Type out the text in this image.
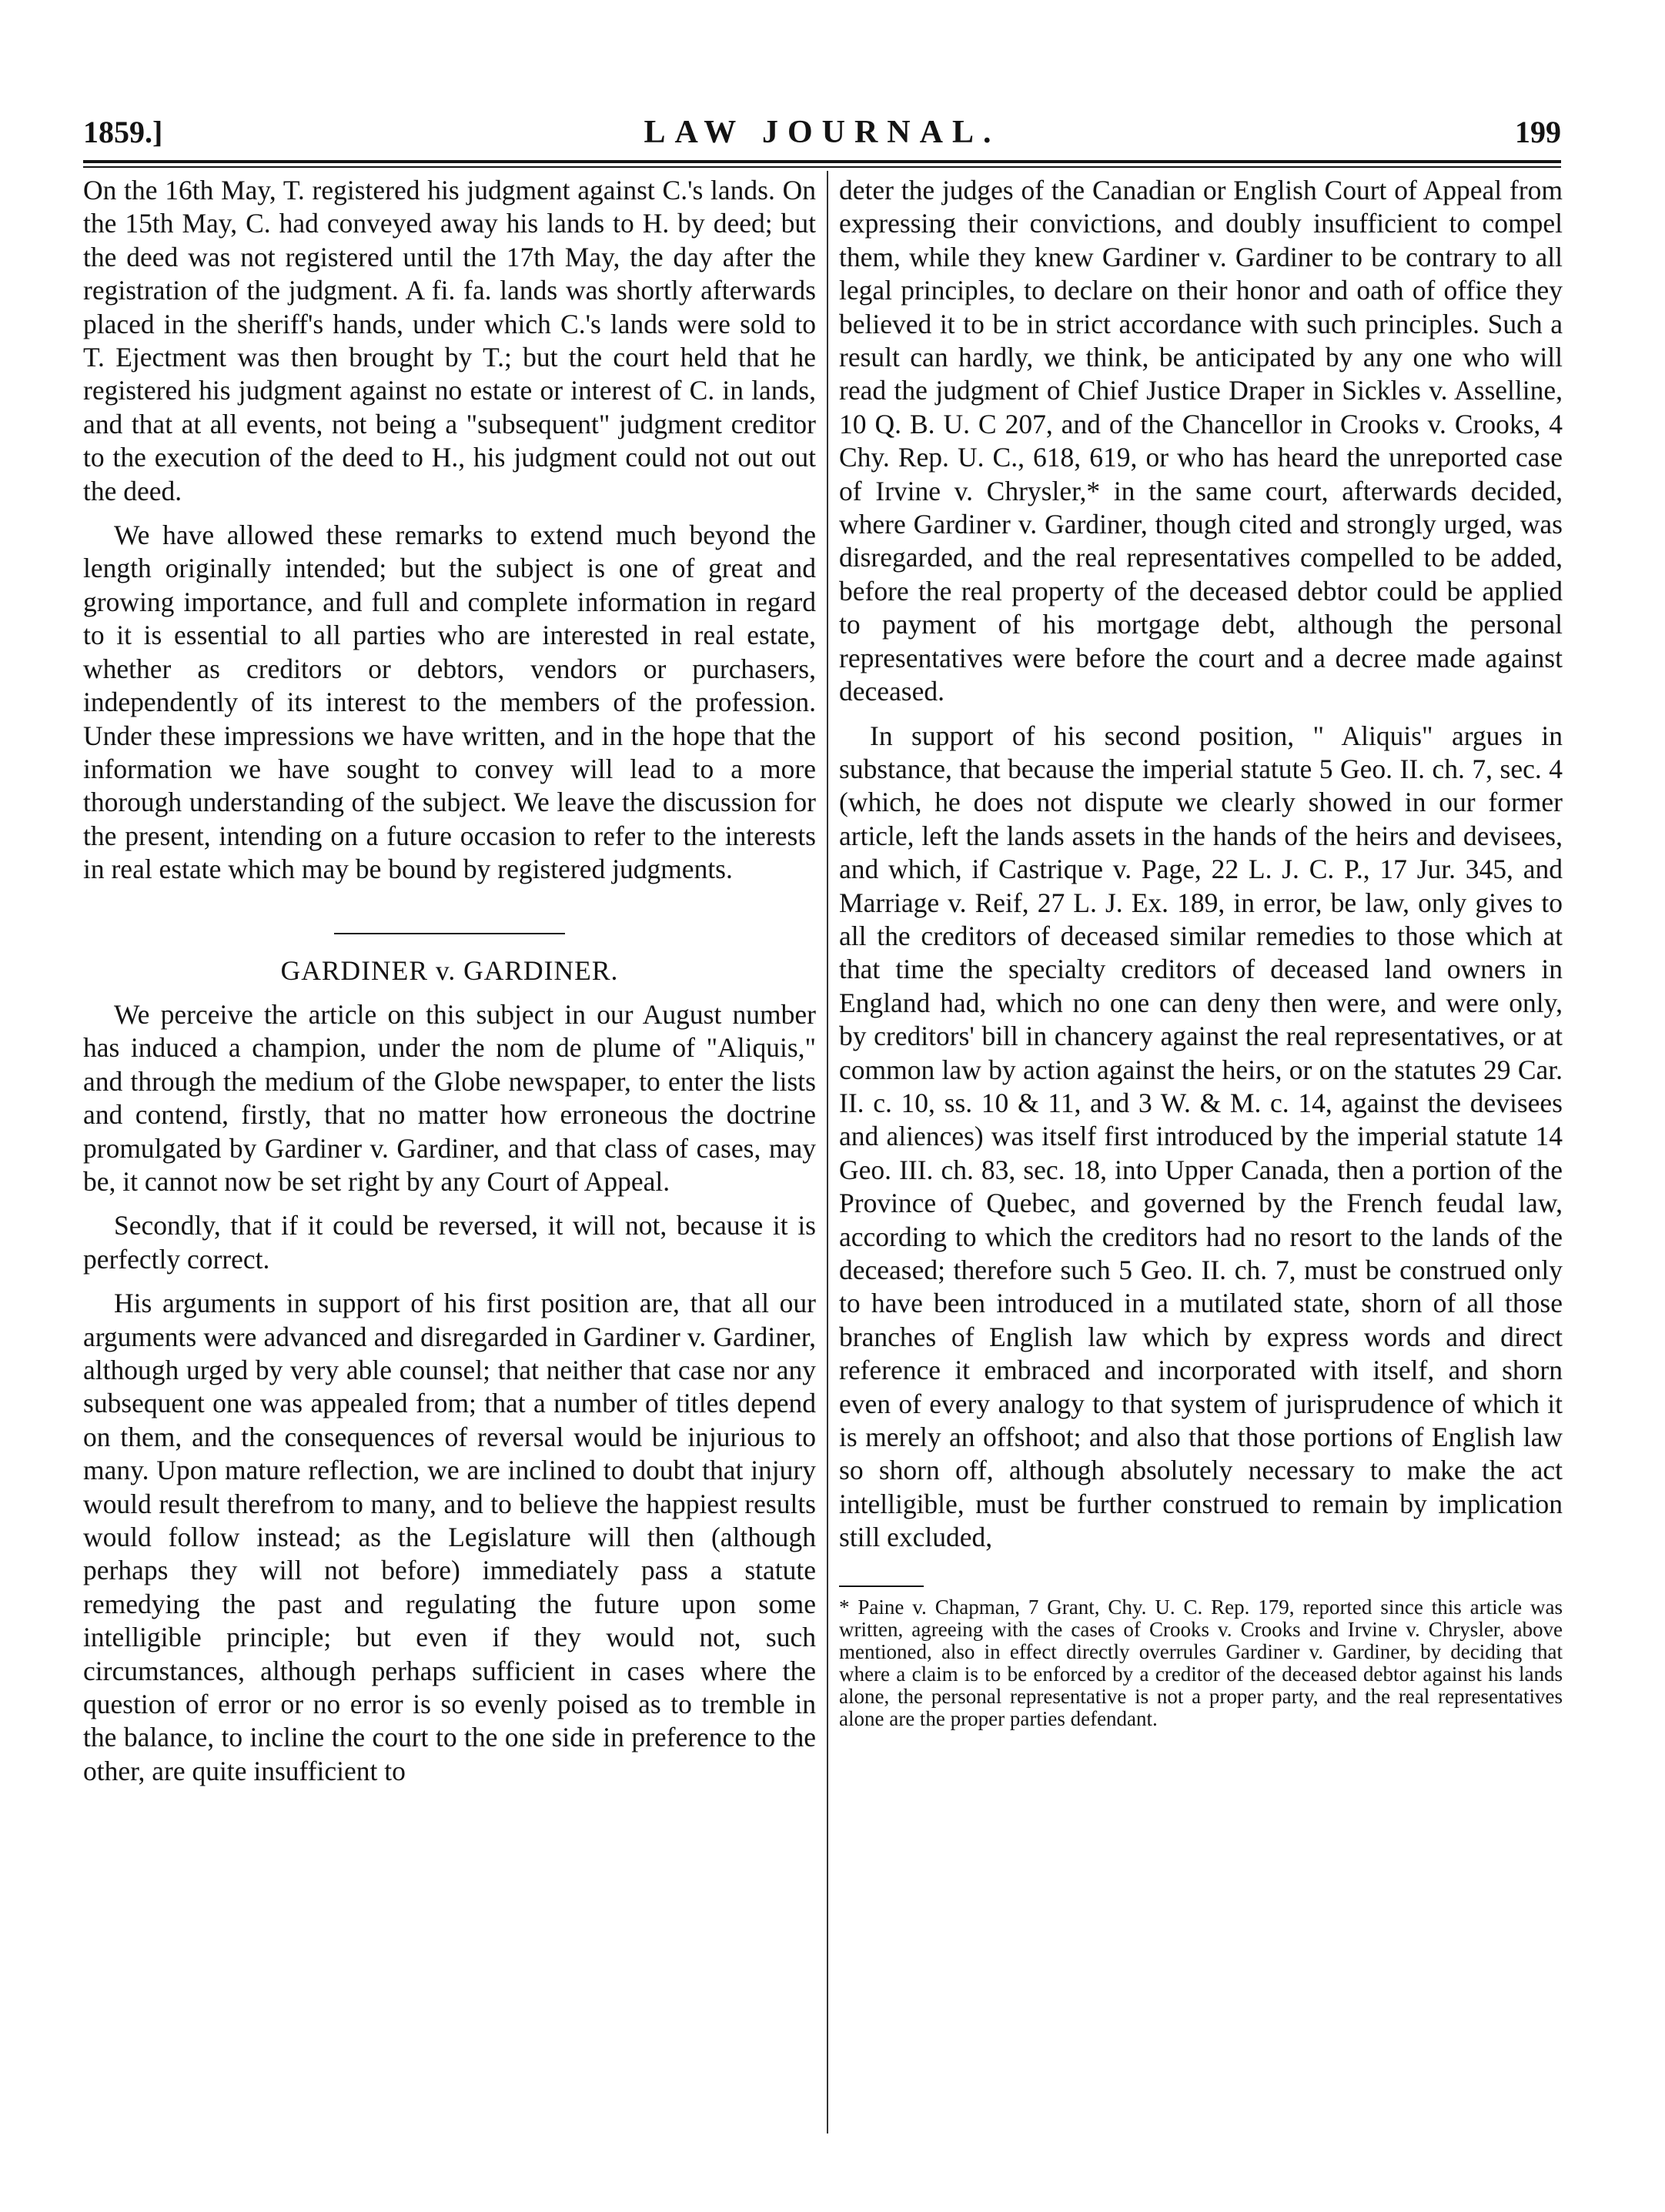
1859.]	LAW JOURNAL.	199

On the 16th May, T. registered his judgment against C.'s lands. On the 15th May, C. had conveyed away his lands to H. by deed; but the deed was not registered until the 17th May, the day after the registration of the judgment. A fi. fa. lands was shortly afterwards placed in the sheriff's hands, under which C.'s lands were sold to T. Ejectment was then brought by T.; but the court held that he registered his judgment against no estate or interest of C. in lands, and that at all events, not being a "subsequent" judgment creditor to the execution of the deed to H., his judgment could not out out the deed.

We have allowed these remarks to extend much beyond the length originally intended; but the subject is one of great and growing importance, and full and complete information in regard to it is essential to all parties who are interested in real estate, whether as creditors or debtors, vendors or purchasers, independently of its interest to the members of the profession. Under these impressions we have written, and in the hope that the information we have sought to convey will lead to a more thorough understanding of the subject. We leave the discussion for the present, intending on a future occasion to refer to the interests in real estate which may be bound by registered judgments.

GARDINER v. GARDINER.

We perceive the article on this subject in our August number has induced a champion, under the nom de plume of "Aliquis," and through the medium of the Globe newspaper, to enter the lists and contend, firstly, that no matter how erroneous the doctrine promulgated by Gardiner v. Gardiner, and that class of cases, may be, it cannot now be set right by any Court of Appeal.

Secondly, that if it could be reversed, it will not, because it is perfectly correct.

His arguments in support of his first position are, that all our arguments were advanced and disregarded in Gardiner v. Gardiner, although urged by very able counsel; that neither that case nor any subsequent one was appealed from; that a number of titles depend on them, and the consequences of reversal would be injurious to many. Upon mature reflection, we are inclined to doubt that injury would result therefrom to many, and to believe the happiest results would follow instead; as the Legislature will then (although perhaps they will not before) immediately pass a statute remedying the past and regulating the future upon some intelligible principle; but even if they would not, such circumstances, although perhaps sufficient in cases where the question of error or no error is so evenly poised as to tremble in the balance, to incline the court to the one side in preference to the other, are quite insufficient to

deter the judges of the Canadian or English Court of Appeal from expressing their convictions, and doubly insufficient to compel them, while they knew Gardiner v. Gardiner to be contrary to all legal principles, to declare on their honor and oath of office they believed it to be in strict accordance with such principles. Such a result can hardly, we think, be anticipated by any one who will read the judgment of Chief Justice Draper in Sickles v. Asselline, 10 Q. B. U. C 207, and of the Chancellor in Crooks v. Crooks, 4 Chy. Rep. U. C., 618, 619, or who has heard the unreported case of Irvine v. Chrysler,* in the same court, afterwards decided, where Gardiner v. Gardiner, though cited and strongly urged, was disregarded, and the real representatives compelled to be added, before the real property of the deceased debtor could be applied to payment of his mortgage debt, although the personal representatives were before the court and a decree made against deceased.

In support of his second position, " Aliquis" argues in substance, that because the imperial statute 5 Geo. II. ch. 7, sec. 4 (which, he does not dispute we clearly showed in our former article, left the lands assets in the hands of the heirs and devisees, and which, if Castrique v. Page, 22 L. J. C. P., 17 Jur. 345, and Marriage v. Reif, 27 L. J. Ex. 189, in error, be law, only gives to all the creditors of deceased similar remedies to those which at that time the specialty creditors of deceased land owners in England had, which no one can deny then were, and were only, by creditors' bill in chancery against the real representatives, or at common law by action against the heirs, or on the statutes 29 Car. II. c. 10, ss. 10 & 11, and 3 W. & M. c. 14, against the devisees and aliences) was itself first introduced by the imperial statute 14 Geo. III. ch. 83, sec. 18, into Upper Canada, then a portion of the Province of Quebec, and governed by the French feudal law, according to which the creditors had no resort to the lands of the deceased; therefore such 5 Geo. II. ch. 7, must be construed only to have been introduced in a mutilated state, shorn of all those branches of English law which by express words and direct reference it embraced and incorporated with itself, and shorn even of every analogy to that system of jurisprudence of which it is merely an offshoot; and also that those portions of English law so shorn off, although absolutely necessary to make the act intelligible, must be further construed to remain by implication still excluded,

* Paine v. Chapman, 7 Grant, Chy. U. C. Rep. 179, reported since this article was written, agreeing with the cases of Crooks v. Crooks and Irvine v. Chrysler, above mentioned, also in effect directly overrules Gardiner v. Gardiner, by deciding that where a claim is to be enforced by a creditor of the deceased debtor against his lands alone, the personal representative is not a proper party, and the real representatives alone are the proper parties defendant.
